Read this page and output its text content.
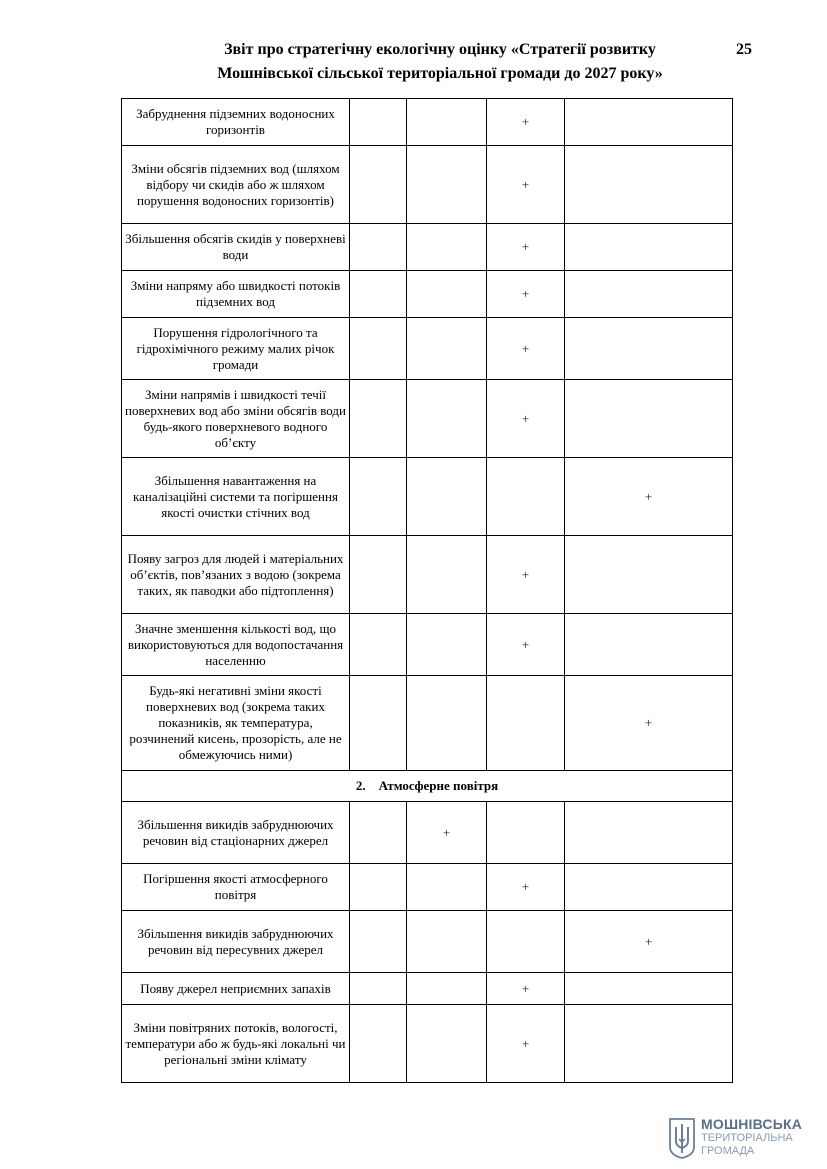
Звіт про стратегічну екологічну оцінку «Стратегії розвитку
Мошнівської сільської територіальної громади до 2027 року»
25
Забруднення підземних водоносних горизонтів			+	
Зміни обсягів підземних вод (шляхом відбору чи скидів або ж шляхом порушення водоносних горизонтів)			+	
Збільшення обсягів скидів у поверхневі води			+	
Зміни напряму або швидкості потоків підземних вод			+	
Порушення гідрологічного та гідрохімічного режиму малих річок громади			+	
Зміни напрямів і швидкості течії поверхневих вод або зміни обсягів води будь-якого поверхневого водного об’єкту			+	
Збільшення навантаження на каналізаційні системи та погіршення якості очистки стічних вод				+
Появу загроз для людей і матеріальних об’єктів, пов’язаних з водою (зокрема таких, як паводки або підтоплення)			+	
Значне зменшення кількості вод, що використовуються для водопостачання населенню			+	
Будь-які негативні зміни якості поверхневих вод (зокрема таких показників, як температура, розчинений кисень, прозорість, але не обмежуючись ними)				+
2. Атмосферне повітря				
Збільшення викидів забруднюючих речовин від стаціонарних джерел		+		
Погіршення якості атмосферного повітря			+	
Збільшення викидів забруднюючих речовин від пересувних джерел				+
Появу джерел неприємних запахів			+	
Зміни повітряних потоків, вологості, температури або ж будь-які локальні чи регіональні зміни клімату			+	
МОШНІВСЬКА
ТЕРИТОРІАЛЬНА
ГРОМАДА
